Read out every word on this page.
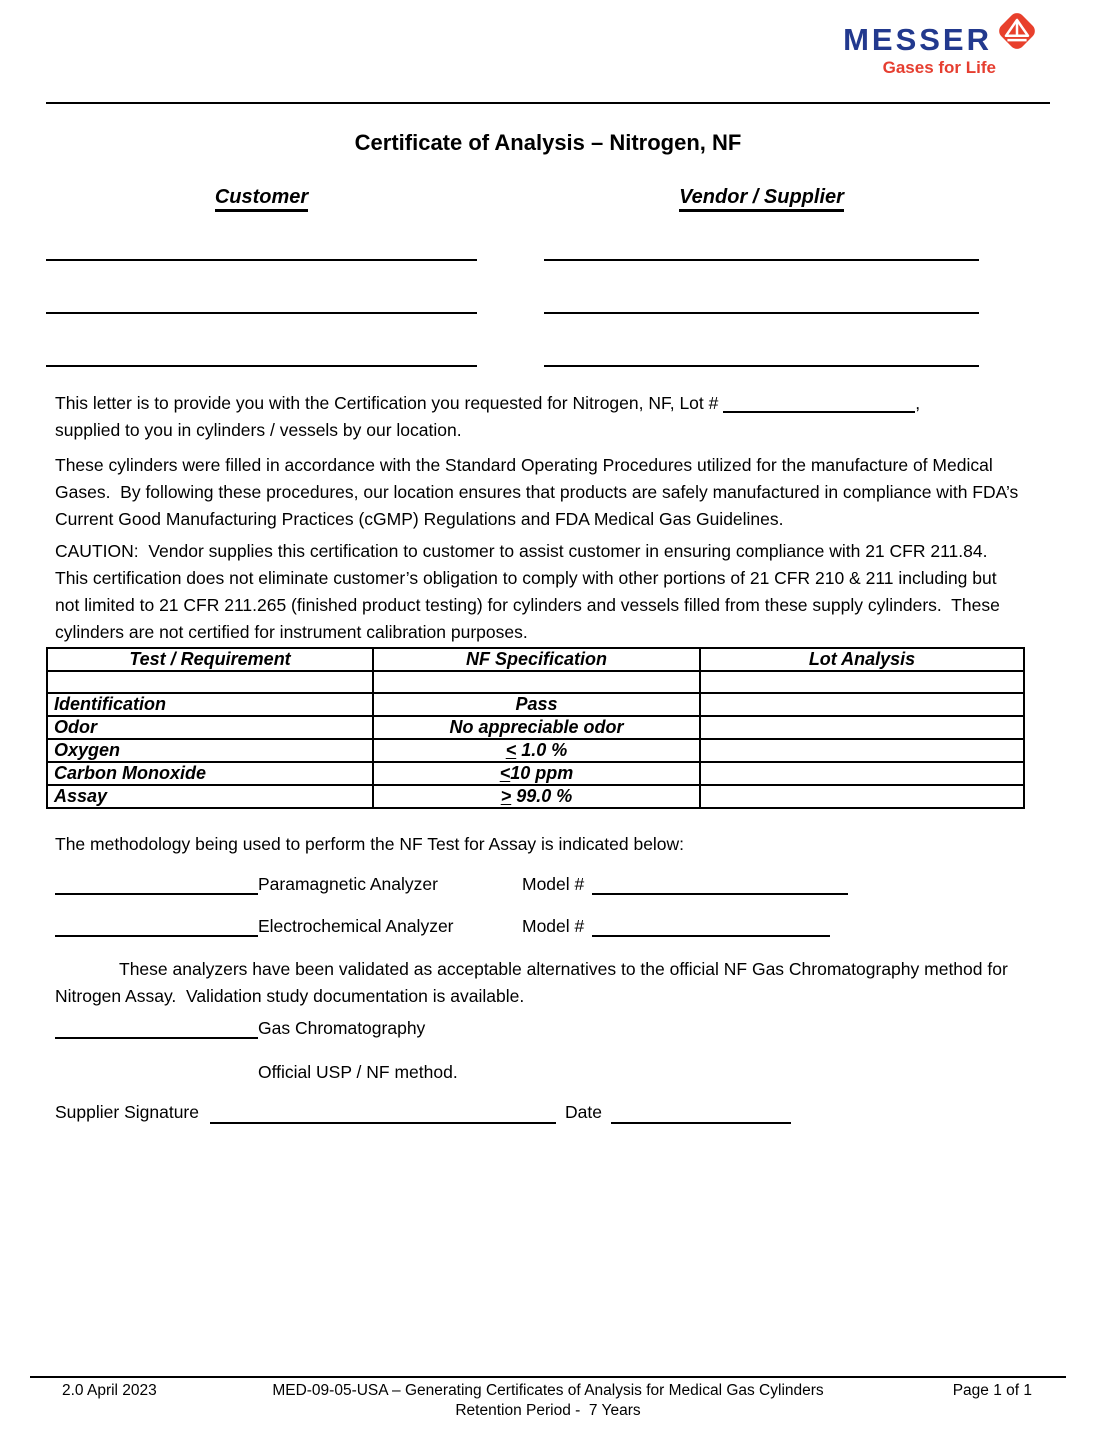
MESSER
Gases for Life
Certificate of Analysis – Nitrogen, NF
Customer	Vendor / Supplier
This letter is to provide you with the Certification you requested for Nitrogen, NF, Lot #	,
supplied to you in cylinders / vessels by our location.
These cylinders were filled in accordance with the Standard Operating Procedures utilized for the manufacture of Medical Gases.  By following these procedures, our location ensures that products are safely manufactured in compliance with FDA’s Current Good Manufacturing Practices (cGMP) Regulations and FDA Medical Gas Guidelines.
CAUTION:  Vendor supplies this certification to customer to assist customer in ensuring compliance with 21 CFR 211.84.  This certification does not eliminate customer’s obligation to comply with other portions of 21 CFR 210 & 211 including but not limited to 21 CFR 211.265 (finished product testing) for cylinders and vessels filled from these supply cylinders.  These cylinders are not certified for instrument calibration purposes.
Test / Requirement	NF Specification	Lot Analysis

Identification	Pass	
Odor	No appreciable odor	
Oxygen	< 1.0 %	
Carbon Monoxide	<10 ppm	
Assay	> 99.0 %	
The methodology being used to perform the NF Test for Assay is indicated below:
Paramagnetic Analyzer	Model #
Electrochemical Analyzer	Model #
These analyzers have been validated as acceptable alternatives to the official NF Gas Chromatography method for Nitrogen Assay.  Validation study documentation is available.
Gas Chromatography
Official USP / NF method.
Supplier Signature	Date
2.0 April 2023	MED-09-05-USA – Generating Certificates of Analysis for Medical Gas Cylinders
Retention Period -  7 Years
Page 1 of 1
